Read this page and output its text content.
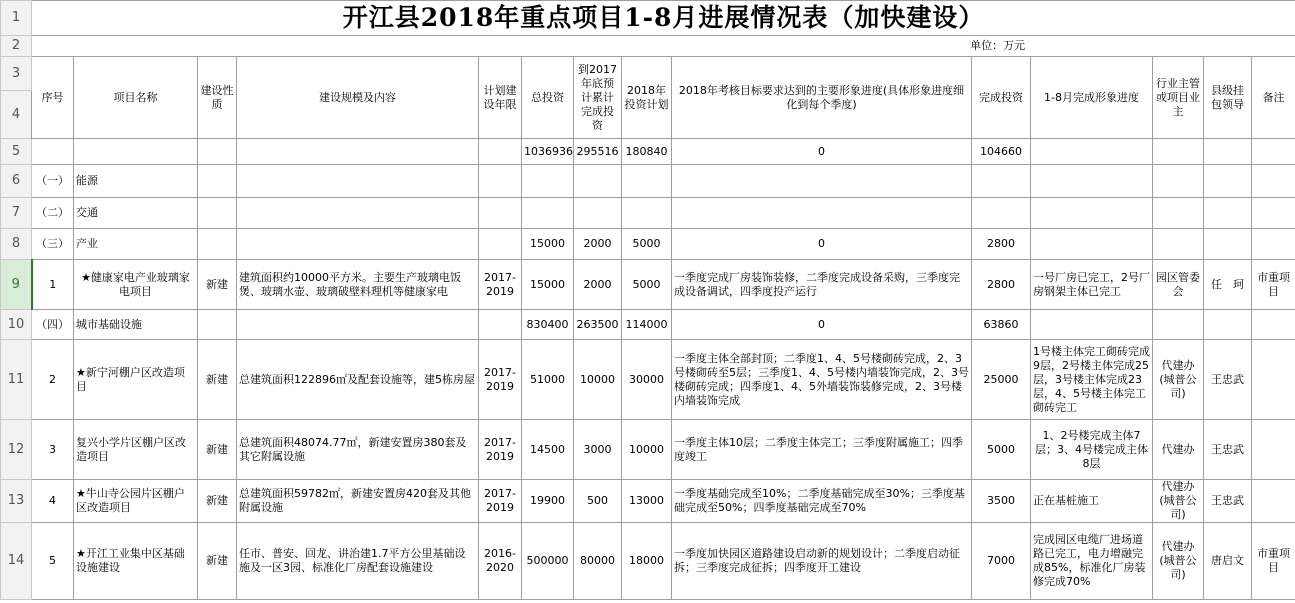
1	开江县2018年重点项目1-8月进展情况表（加快建设）													
2	单位：万元													
3	序号	项目名称	建设性质	建设规模及内容	计划建设年限	总投资	到2017年底预计累计完成投资	2018年投资计划	2018年考核目标要求达到的主要形象进度(具体形象进度细化到每个季度)	完成投资	1-8月完成形象进度	行业主管或项目业主	县级挂包领导	备注
4														
5						1036936	295516	180840	0	104660				
6	（一）	能源												
7	（二）	交通												
8	（三）	产业				15000	2000	5000	0	2800				
9	1	★健康家电产业玻璃家电项目	新建	建筑面积约10000平方米。主要生产玻璃电饭煲、玻璃水壶、玻璃破壁料理机等健康家电	2017-2019	15000	2000	5000	一季度完成厂房装饰装修，二季度完成设备采购，三季度完成设备调试，四季度投产运行	2800	一号厂房已完工，2号厂房钢架主体已完工	园区管委会	任　珂	市重项目
10	（四）	城市基础设施				830400	263500	114000	0	63860				
11	2	★新宁河棚户区改造项目	新建	总建筑面积122896㎡及配套设施等，建5栋房屋	2017-2019	51000	10000	30000	一季度主体全部封顶；二季度1、4、5号楼砌砖完成，2、3号楼砌砖至5层；三季度1、4、5号楼内墙装饰完成，2、3号楼砌砖完成；四季度1、4、5外墙装饰装修完成，2、3号楼内墙装饰完成	25000	1号楼主体完工砌砖完成9层，2号楼主体完成25层，3号楼主体完成23层，4、5号楼主体完工砌砖完工	代建办(城普公司)	王忠武	
12	3	复兴小学片区棚户区改造项目	新建	总建筑面积48074.77㎡，新建安置房380套及其它附属设施	2017-2019	14500	3000	10000	一季度主体10层；二季度主体完工；三季度附属施工；四季度竣工	5000	1、2号楼完成主体7层；3、4号楼完成主体8层	代建办	王忠武	
13	4	★牛山寺公园片区棚户区改造项目	新建	总建筑面积59782㎡，新建安置房420套及其他附属设施	2017-2019	19900	500	13000	一季度基础完成至10%；二季度基础完成至30%；三季度基础完成至50%；四季度基础完成至70%	3500	正在基桩施工	代建办(城普公司)	王忠武	
14	5	★开江工业集中区基础设施建设	新建	任市、普安、回龙、讲治建1.7平方公里基础设施及一区3园、标准化厂房配套设施建设	2016-2020	500000	80000	18000	一季度加快园区道路建设启动新的规划设计；二季度启动征拆；三季度完成征拆；四季度开工建设	7000	完成园区电缆厂进场道路已完工，电力增融完成85%，标准化厂房装修完成70%	代建办(城普公司)	唐启文	市重项目
